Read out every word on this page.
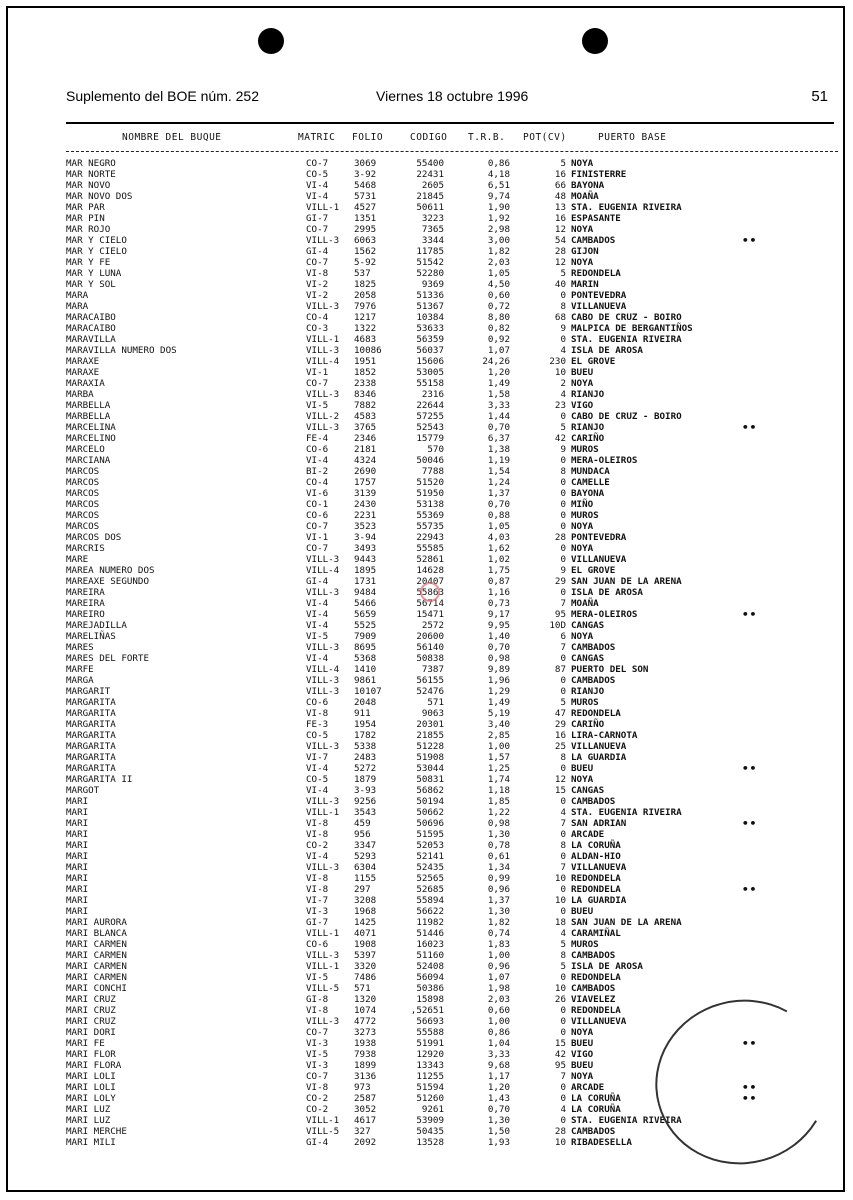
Suplemento del BOE núm. 252	Viernes 18 octubre 1996	51
NOMBRE DEL BUQUE	MATRIC FOLIO	CODIGO T.R.B. POT(CV)	PUERTO BASE
MAR NEGRO	CO-7	3069	55400	0,86	5 NOYA
MAR NORTE	CO-5	3-92	22431	4,18	16 FINISTERRE
MAR NOVO	VI-4	5468	2605	6,51	66 BAYONA
MAR NOVO DOS	VI-4	5731	21845	9,74	48 MOAÑA
MAR PAR	VILL-1 4527	50611	1,90	13 STA. EUGENIA RIVEIRA
MAR PIN	GI-7	1351	3223	1,92	16 ESPASANTE
MAR ROJO	CO-7	2995	7365	2,98	12 NOYA
MAR Y CIELO	VILL-3 6063	3344	3,00	54 CAMBADOS	••
MAR Y CIELO	GI-4	1562	11785	1,82	28 GIJON
MAR Y FE	CO-7	5-92	51542	2,03	12 NOYA
MAR Y LUNA	VI-8	537	52280	1,05	5 REDONDELA
MAR Y SOL	VI-2	1825	9369	4,50	40 MARIN
MARA	VI-2	2058	51336	0,60	0 PONTEVEDRA
MARA	VILL-3 7976	51367	0,72	8 VILLANUEVA
MARACAIBO	CO-4	1217	10384	8,80	68 CABO DE CRUZ - BOIRO
MARACAIBO	CO-3	1322	53633	0,82	9 MALPICA DE BERGANTIÑOS
MARAVILLA	VILL-1 4683	56359	0,92	0 STA. EUGENIA RIVEIRA
MARAVILLA NUMERO DOS	VILL-3 10086	56037	1,07	4 ISLA DE AROSA
MARAXE	VILL-4 1951	15606	24,26	230 EL GROVE
MARAXE	VI-1	1852	53005	1,20	10 BUEU
MARAXIA	CO-7	2338	55158	1,49	2 NOYA
MARBA	VILL-3 8346	2316	1,58	4 RIANJO
MARBELLA	VI-5	7882	22644	3,33	23 VIGO
MARBELLA	VILL-2 4583	57255	1,44	0 CABO DE CRUZ - BOIRO
MARCELINA	VILL-3 3765	52543	0,70	5 RIANJO	••
MARCELINO	FE-4	2346	15779	6,37	42 CARIÑO
MARCELO	CO-6	2181	570	1,38	9 MUROS
MARCIANA	VI-4	4324	50046	1,19	0 MERA-OLEIROS
MARCOS	BI-2	2690	7788	1,54	8 MUNDACA
MARCOS	CO-4	1757	51520	1,24	0 CAMELLE
MARCOS	VI-6	3139	51950	1,37	0 BAYONA
MARCOS	CO-1	2430	53138	0,70	0 MIÑO
MARCOS	CO-6	2231	55369	0,88	0 MUROS
MARCOS	CO-7	3523	55735	1,05	0 NOYA
MARCOS DOS	VI-1	3-94	22943	4,03	28 PONTEVEDRA
MARCRIS	CO-7	3493	55585	1,62	0 NOYA
MARE	VILL-3 9443	52861	1,02	0 VILLANUEVA
MAREA NUMERO DOS	VILL-4 1895	14628	1,75	9 EL GROVE
MAREAXE SEGUNDO	GI-4	1731	20407	0,87	29 SAN JUAN DE LA ARENA
MAREIRA	VILL-3 9484	55863	1,16	0 ISLA DE AROSA
MAREIRA	VI-4	5466	56714	0,73	7 MOAÑA
MAREIRO	VI-4	5659	15471	9,17	95 MERA-OLEIROS	••
MAREJADILLA	VI-4	5525	2572	9,95	10D CANGAS
MARELIÑAS	VI-5	7909	20600	1,40	6 NOYA
MARES	VILL-3 8695	56140	0,70	7 CAMBADOS
MARES DEL FORTE	VI-4	5368	50838	0,98	0 CANGAS
MARFE	VILL-4 1410	7387	9,89	87 PUERTO DEL SON
MARGA	VILL-3 9861	56155	1,96	0 CAMBADOS
MARGARIT	VILL-3 10107	52476	1,29	0 RIANJO
MARGARITA	CO-6	2048	571	1,49	5 MUROS
MARGARITA	VI-8	911	9063	5,19	47 REDONDELA
MARGARITA	FE-3	1954	20301	3,40	29 CARIÑO
MARGARITA	CO-5	1782	21855	2,85	16 LIRA-CARNOTA
MARGARITA	VILL-3 5338	51228	1,00	25 VILLANUEVA
MARGARITA	VI-7	2483	51908	1,57	8 LA GUARDIA
MARGARITA	VI-4	5272	53044	1,25	0 BUEU	••
MARGARITA II	CO-5	1879	50831	1,74	12 NOYA
MARGOT	VI-4	3-93	56862	1,18	15 CANGAS
MARI	VILL-3 9256	50194	1,85	0 CAMBADOS
MARI	VILL-1 3543	50662	1,22	4 STA. EUGENIA RIVEIRA
MARI	VI-8	459	50696	0,98	7 SAN ADRIAN	••
MARI	VI-8	956	51595	1,30	0 ARCADE
MARI	CO-2	3347	52053	0,78	8 LA CORUÑA
MARI	VI-4	5293	52141	0,61	0 ALDAN-HIO
MARI	VILL-3 6304	52435	1,34	7 VILLANUEVA
MARI	VI-8	1155	52565	0,99	10 REDONDELA
MARI	VI-8	297	52685	0,96	0 REDONDELA	••
MARI	VI-7	3208	55894	1,37	10 LA GUARDIA
MARI	VI-3	1968	56622	1,30	0 BUEU
MARI AURORA	GI-7	1425	11982	1,82	18 SAN JUAN DE LA ARENA
MARI BLANCA	VILL-1 4071	51446	0,74	4 CARAMIÑAL
MARI CARMEN	CO-6	1908	16023	1,83	5 MUROS
MARI CARMEN	VILL-3 5397	51160	1,00	8 CAMBADOS
MARI CARMEN	VILL-1 3320	52408	0,96	5 ISLA DE AROSA
MARI CARMEN	VI-5	7486	56094	1,07	0 REDONDELA
MARI CONCHI	VILL-5 571	50386	1,98	10 CAMBADOS
MARI CRUZ	GI-8	1320	15898	2,03	26 VIAVELEZ
MARI CRUZ	VI-8	1074	,52651	0,60	0 REDONDELA
MARI CRUZ	VILL-3 4772	56693	1,00	0 VILLANUEVA
MARI DORI	CO-7	3273	55588	0,86	0 NOYA
MARI FE	VI-3	1938	51991	1,04	15 BUEU	••
MARI FLOR	VI-5	7938	12920	3,33	42 VIGO
MARI FLORA	VI-3	1899	13343	9,68	95 BUEU
MARI LOLI	CO-7	3136	11255	1,17	7 NOYA
MARI LOLI	VI-8	973	51594	1,20	0 ARCADE	••
MARI LOLY	CO-2	2587	51260	1,43	0 LA CORUÑA	••
MARI LUZ	CO-2	3052	9261	0,70	4 LA CORUÑA
MARI LUZ	VILL-1 4617	53909	1,30	0 STA. EUGENIA RIVEIRA
MARI MERCHE	VILL-5 327	50435	1,50	28 CAMBADOS
MARI MILI	GI-4	2092	13528	1,93	10 RIBADESELLA
